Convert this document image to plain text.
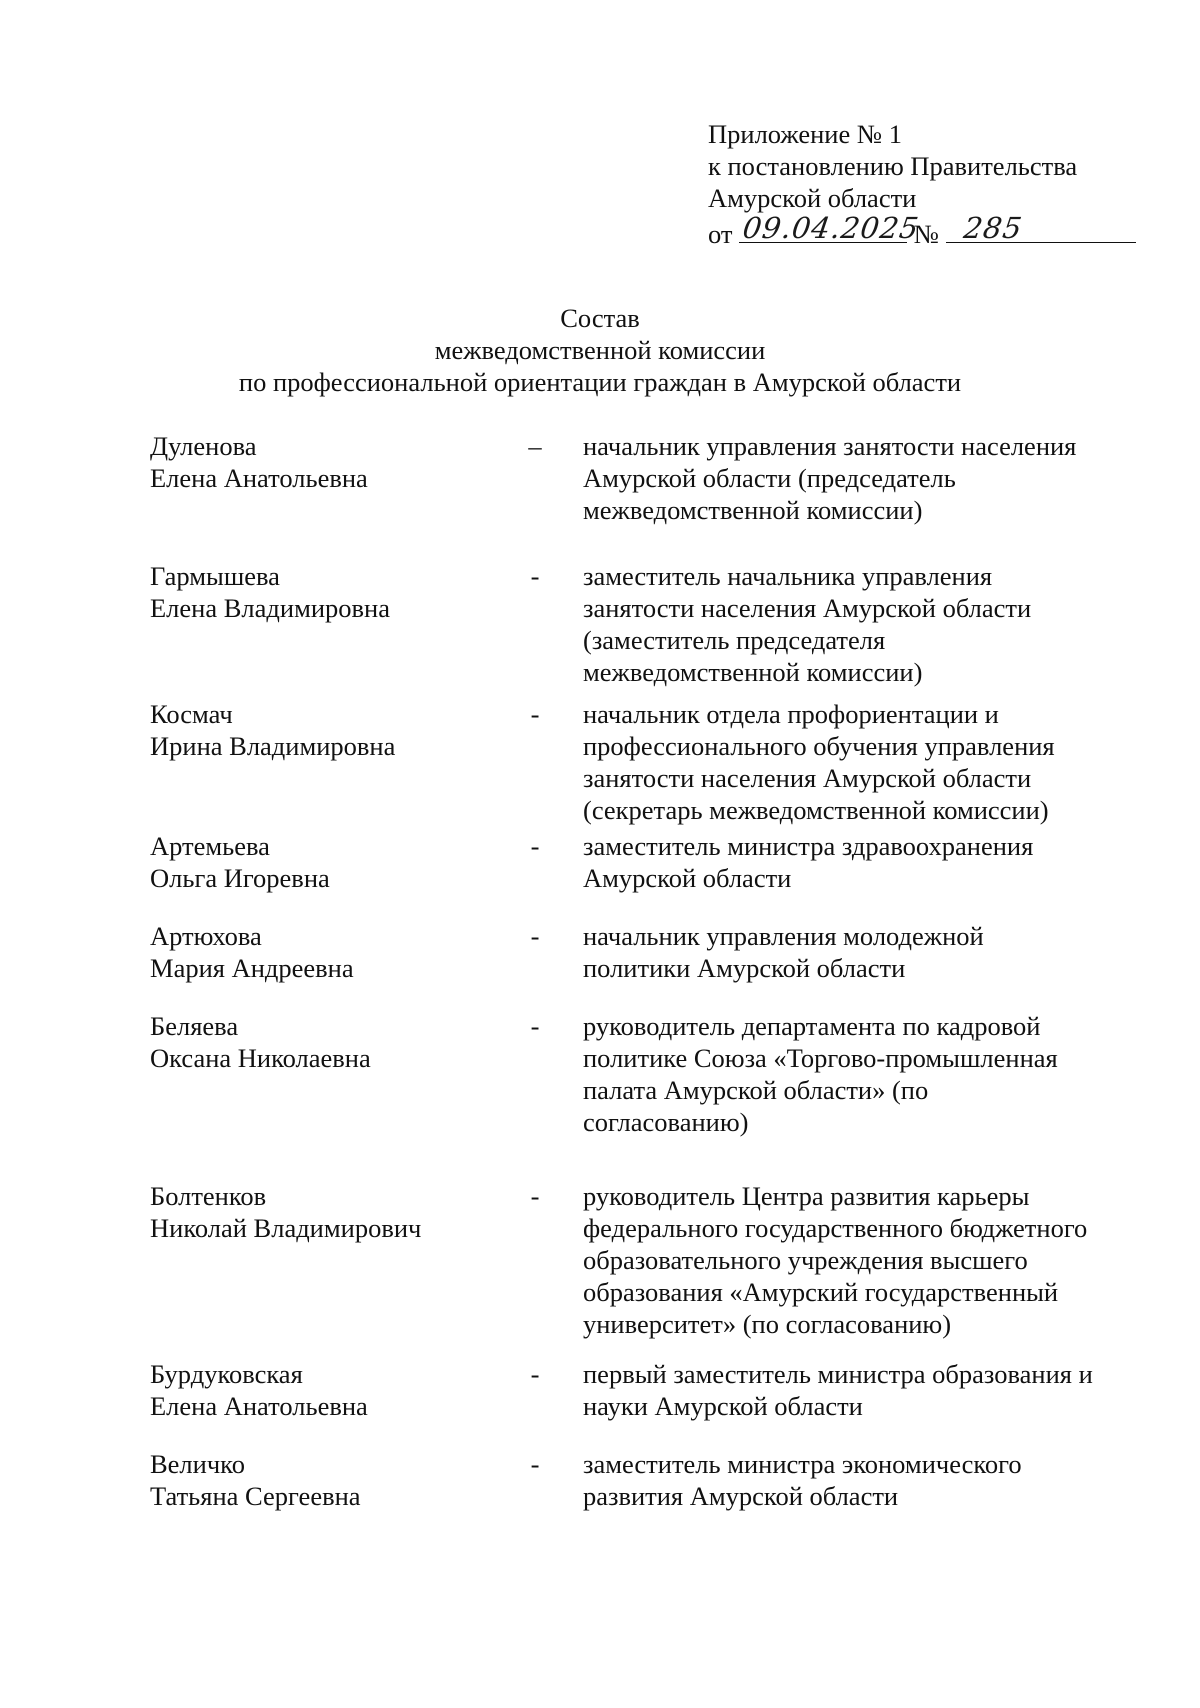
Приложение № 1
к постановлению Правительства
Амурской области
от 09.04.2025
№ 285
Состав
межведомственной комиссии
по профессиональной ориентации граждан в Амурской области
Дуленова
Елена Анатольевна
–	начальник управления занятости населения
Амурской области (председатель
межведомственной комиссии)
Гармышева
Елена Владимировна
-	заместитель начальника управления
занятости населения Амурской области
(заместитель председателя
межведомственной комиссии)
Космач
Ирина Владимировна
-	начальник отдела профориентации и
профессионального обучения управления
занятости населения Амурской области
(секретарь межведомственной комиссии)
Артемьева
Ольга Игоревна
-	заместитель министра здравоохранения
Амурской области
Артюхова
Мария Андреевна
-	начальник управления молодежной
политики Амурской области
Беляева
Оксана Николаевна
-	руководитель департамента по кадровой
политике Союза «Торгово-промышленная
палата Амурской области» (по
согласованию)
Болтенков
Николай Владимирович
-	руководитель Центра развития карьеры
федерального государственного бюджетного
образовательного учреждения высшего
образования «Амурский государственный
университет» (по согласованию)
Бурдуковская
Елена Анатольевна
-	первый заместитель министра образования и
науки Амурской области
Величко
Татьяна Сергеевна
-	заместитель министра экономического
развития Амурской области
